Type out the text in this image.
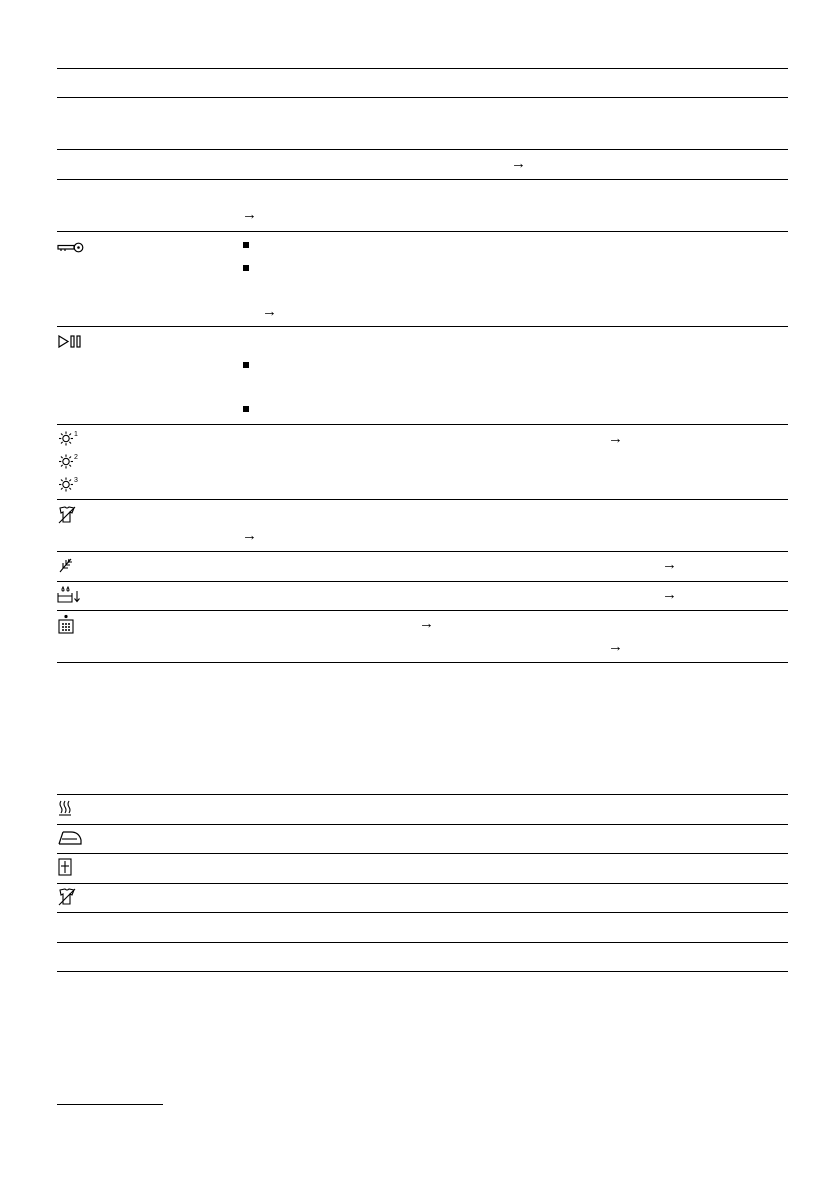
→
→
→
→
→
→
→
→
→
1
2
3
